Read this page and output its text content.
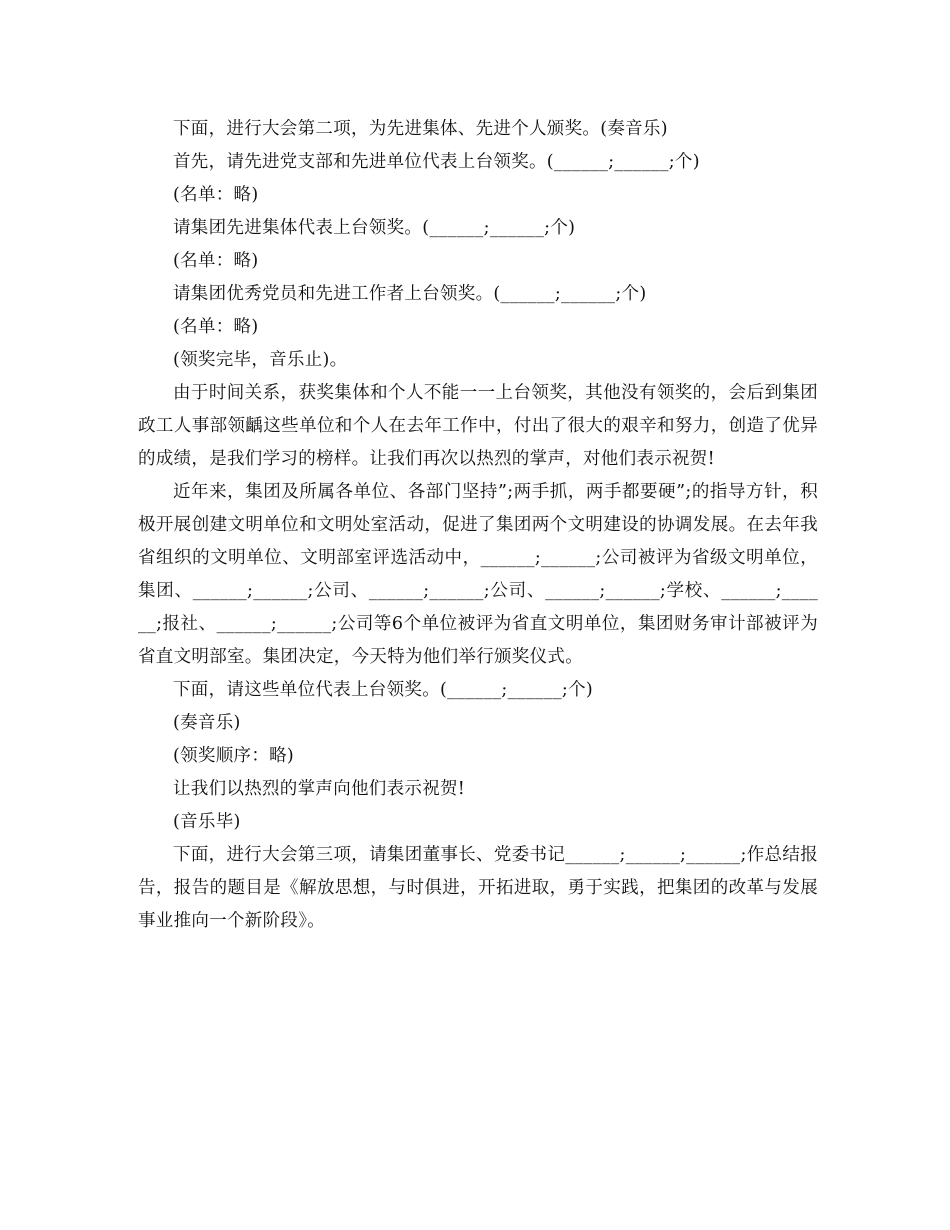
下面，进行大会第二项，为先进集体、先进个人颁奖。(奏音乐)

首先，请先进党支部和先进单位代表上台领奖。(______;______;个)

(名单：略)

请集团先进集体代表上台领奖。(______;______;个)

(名单：略)

请集团优秀党员和先进工作者上台领奖。(______;______;个)

(名单：略)

(领奖完毕，音乐止)。

由于时间关系，获奖集体和个人不能一一上台领奖，其他没有领奖的，会后到集团政工人事部领齲这些单位和个人在去年工作中，付出了很大的艰辛和努力，创造了优异的成绩，是我们学习的榜样。让我们再次以热烈的掌声，对他们表示祝贺!

近年来，集团及所属各单位、各部门坚持”;两手抓，两手都要硬”;的指导方针，积极开展创建文明单位和文明处室活动，促进了集团两个文明建设的协调发展。在去年我省组织的文明单位、文明部室评选活动中，______;______;公司被评为省级文明单位，集团、______;______;公司、______;______;公司、______;______;学校、______;______;报社、______;______;公司等6个单位被评为省直文明单位，集团财务审计部被评为省直文明部室。集团决定，今天特为他们举行颁奖仪式。

下面，请这些单位代表上台领奖。(______;______;个)

(奏音乐)

(领奖顺序：略)

让我们以热烈的掌声向他们表示祝贺!

(音乐毕)

下面，进行大会第三项，请集团董事长、党委书记______;______;______;作总结报告，报告的题目是《解放思想，与时俱进，开拓进取，勇于实践，把集团的改革与发展事业推向一个新阶段》。
